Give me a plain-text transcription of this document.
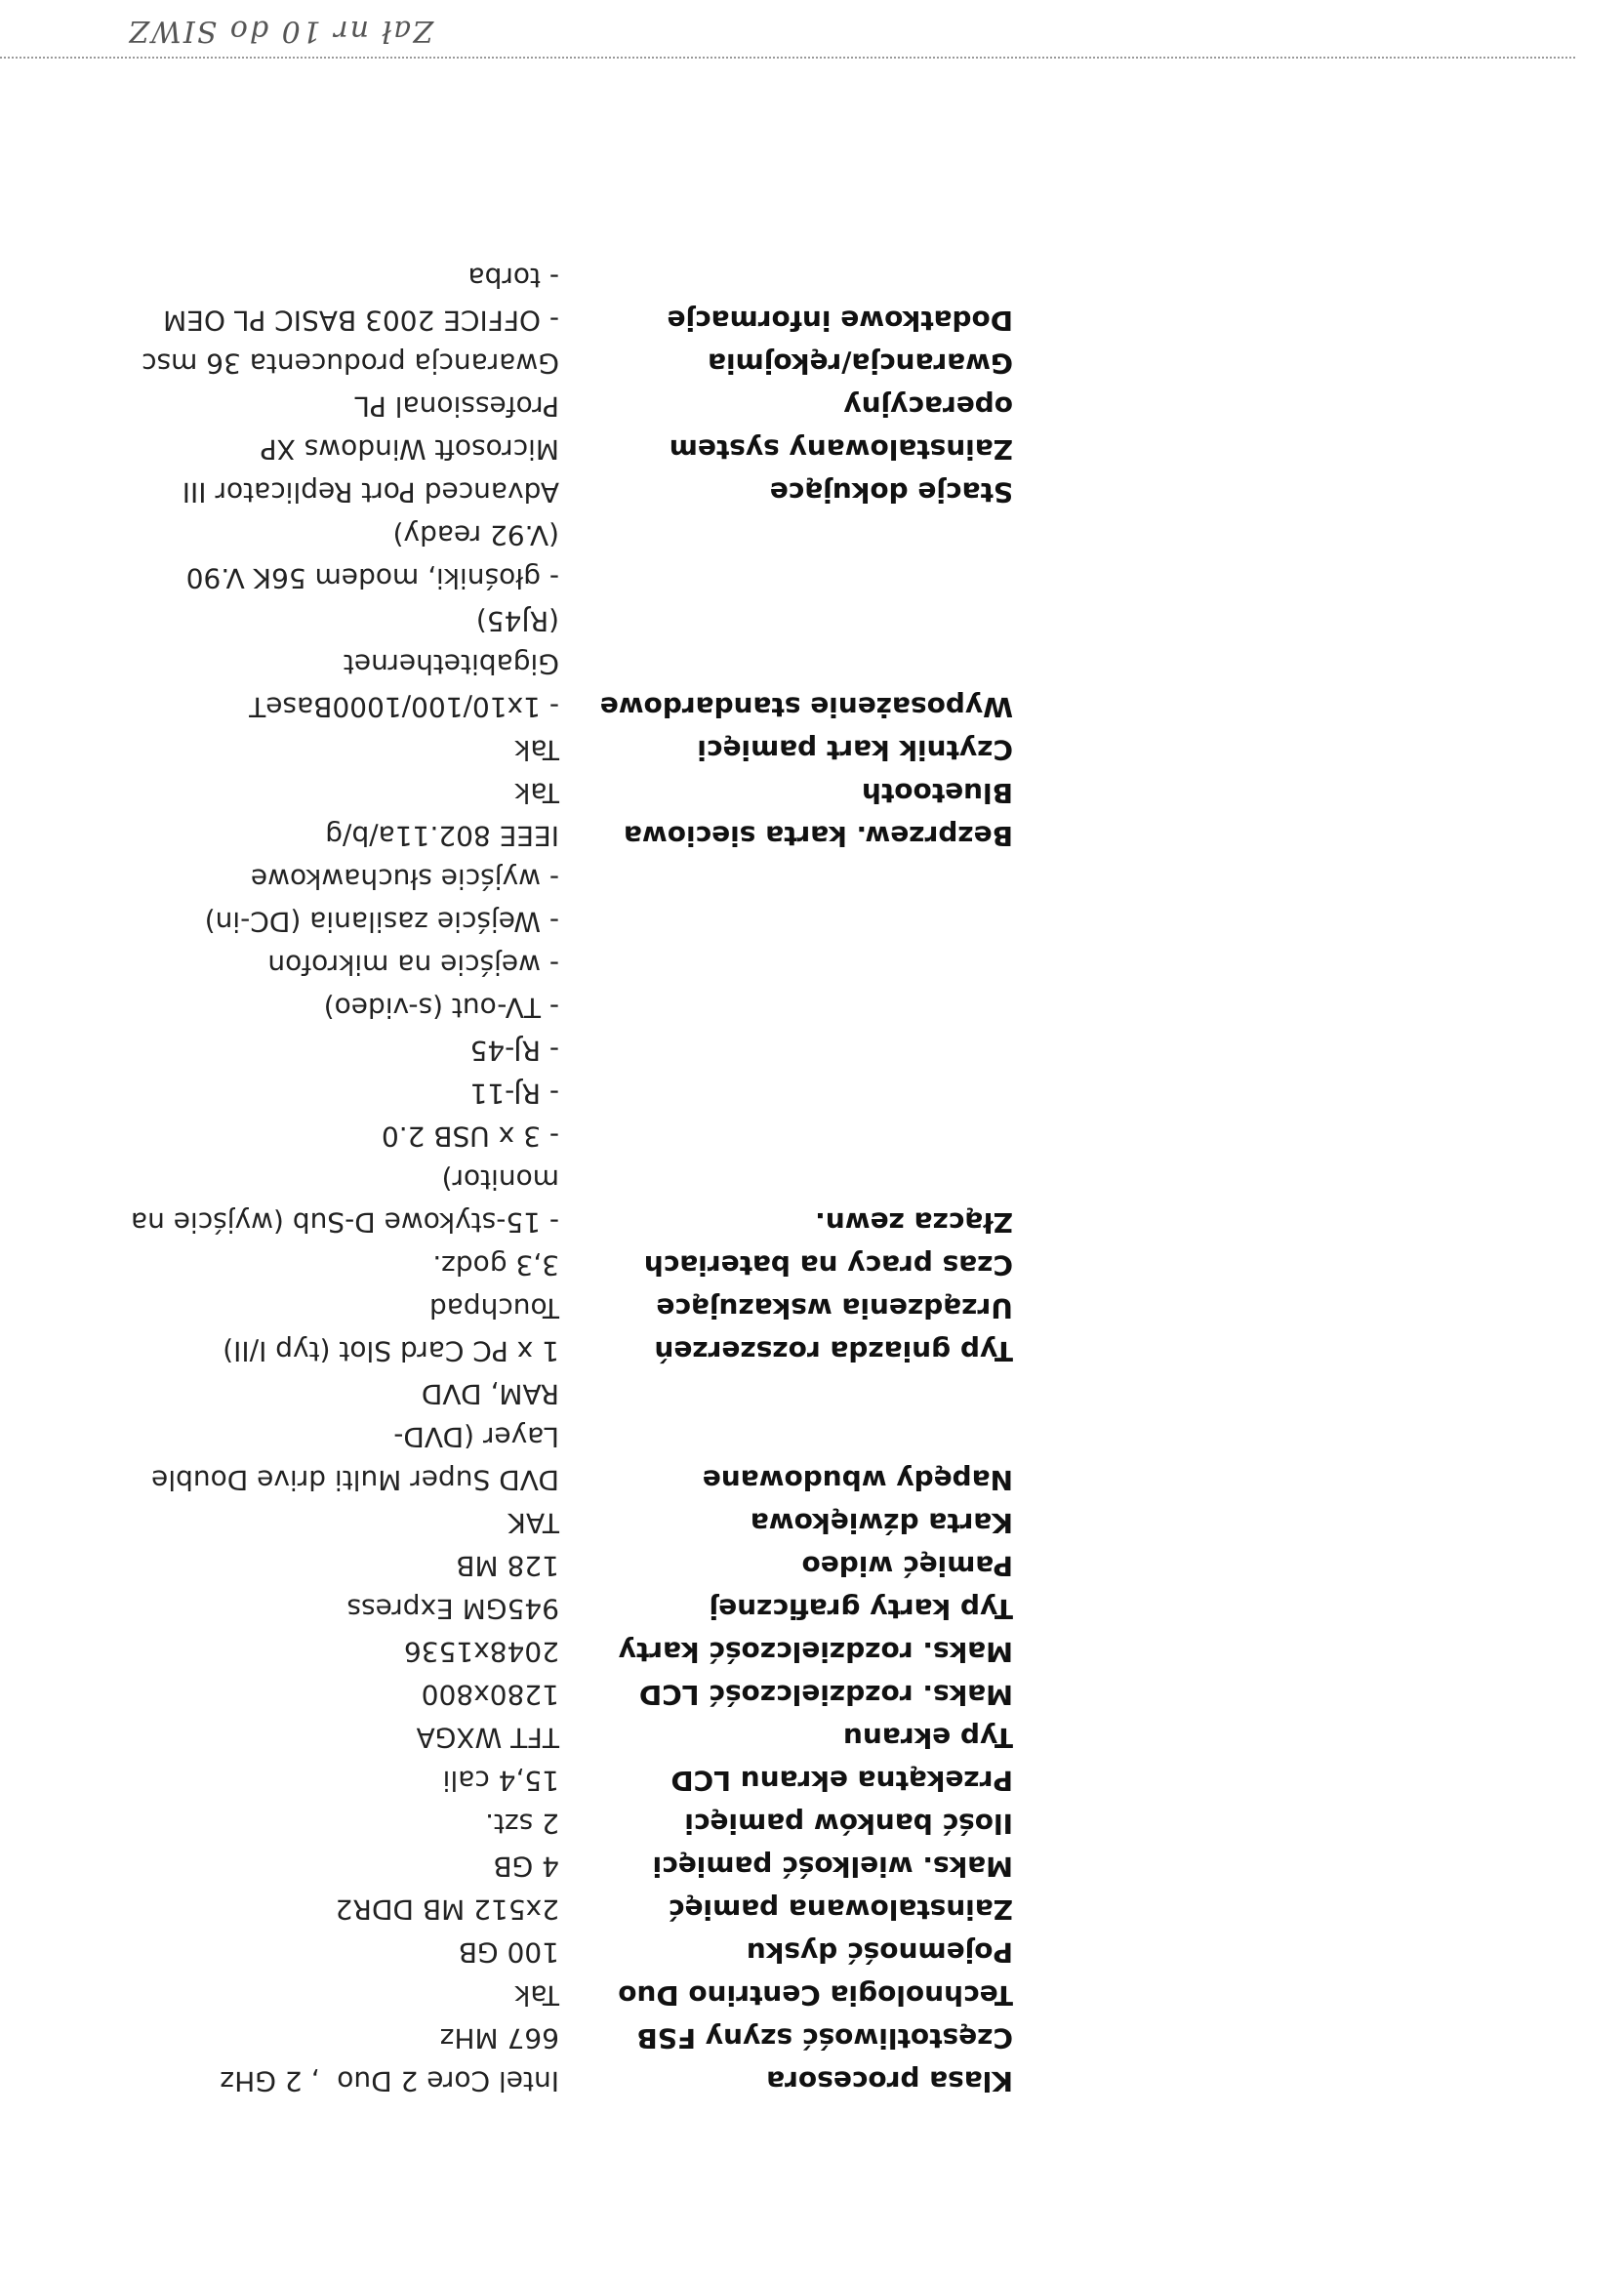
Zał nr 10 do SIWZ
Klasa procesora
Intel Core 2 Duo  , 2 GHz
Częstotliwość szyny FSB
667 MHz
Technologia Centrino Duo
Tak
Pojemność dysku
100 GB
Zainstalowana pamięć
2x512 MB DDR2
Maks. wielkość pamięci
4 GB
Ilość banków pamięci
2 szt.
Przekątna ekranu LCD
15,4 cali
Typ ekranu
TFT WXGA
Maks. rozdzielczość LCD
1280x800
Maks. rozdzielczość karty
2048x1536
Typ karty graficznej
945GM Express
Pamięć wideo
128 MB
Karta dźwiękowa
TAK
Napędy wbudowane
DVD Super Multi drive Double Layer (DVD-
RAM, DVD
Typ gniazda rozszerzeń
1 x PC Card Slot (typ I/II)
Urządzenia wskazujące
Touchpad
Czas pracy na bateriach
3,3 godz.
Złącza zewn.
- 15-stykowe D-Sub (wyjście na monitor)
- 3 x USB 2.0
- RJ-11
- RJ-45
- TV-out (s-video)
- wejście na mikrofon
- Wejście zasilania (DC-in)
- wyjście słuchawkowe
Bezprzew. karta sieciowa
IEEE 802.11a/b/g
Bluetooth
Tak
Czytnik kart pamięci
Tak
Wyposażenie standardowe
- 1x10/100/1000BaseT Gigabitethernet
(RJ45)
- głośniki, modem 56K V.90 (V.92 ready)
Stacje dokujące
Advanced Port Replicator III
Zainstalowany system operacyjny
Microsoft Windows XP Professional PL
Gwarancja/rękojmia
Gwarancja producenta 36 msc
Dodatkowe informacje
- OFFICE 2003 BASIC PL OEM
- torba
